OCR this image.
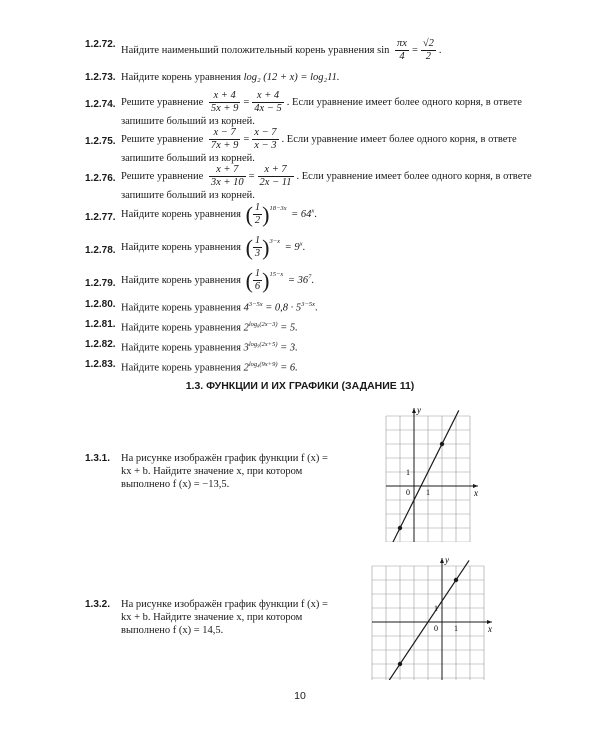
1.2.72.
Найдите наименьший положительный корень уравнения $\sin \frac{\pi x}{4} = \frac{√2}{2}$ .
1.2.73. Найдите корень уравнения log₂ (12 + x) = log₂11.
1.2.74. Решите уравнение $\frac{x + 4}{5x + 9} = \frac{x + 4}{4x - 5}$ . Если уравнение имеет более одного корня, в ответе запишите больший из корней.
1.2.75. Решите уравнение $\frac{x - 7}{7x + 9} = \frac{x - 7}{x - 3}$ . Если уравнение имеет более одного корня, в ответе запишите больший из корней.
1.2.76. Решите уравнение $\frac{x + 7}{3x + 10} = \frac{x + 7}{2x - 11}$ . Если уравнение имеет более одного корня, в ответе запишите больший из корней.
1.2.77. Найдите корень уравнения ( $\frac{1}{2} )^{18-3x}$
= $64^x$.
1.2.78. Найдите корень уравнения ( $\frac{1}{3} )^{3-x}$
= $9^x$.
1.2.79. Найдите корень уравнения ( $\frac{1}{6} )^{15-x}$
= $36^7$.
1.2.80. Найдите корень уравнения $4^{3-5x} = 0,8 \cdot 5^{3-5x}$.
1.2.81. Найдите корень уравнения $2^{log_8(2x-3)} = 5$.
1.2.82. Найдите корень уравнения $3^{log_9(2x+5)} = 3$.
1.2.83. Найдите корень уравнения $2^{log_4(9x+9)} = 6$.
1.3. ФУНКЦИИ И ИХ ГРАФИКИ (ЗАДАНИЕ 11)
1.3.1. На рисунке изображён график функции f (x) = kx + b. Найдите значение x, при котором выполнено f (x) = −13,5.
x
y
0 1
1
1.3.2. На рисунке изображён график функции f (x) = kx + b. Найдите значение x, при котором выполнено f (x) = 14,5.	x
y
0 1
1
10
